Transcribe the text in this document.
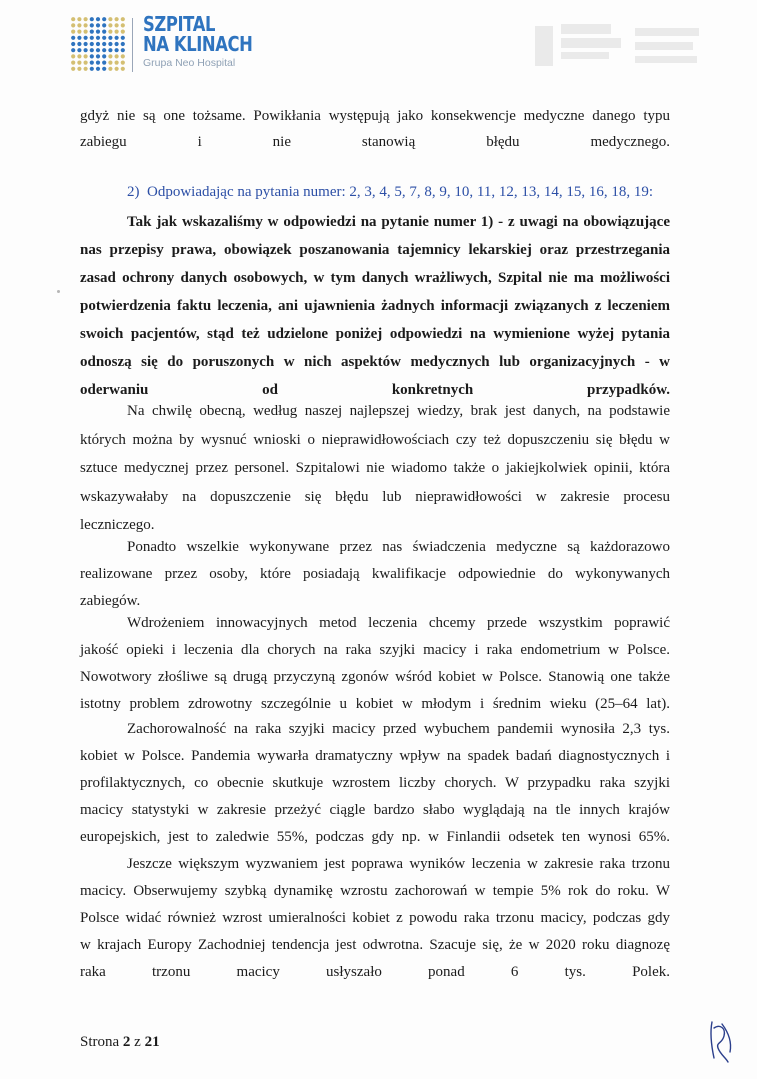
SZPITAL
NA KLINACH
Grupa Neo Hospital

gdyż nie są one tożsame. Powikłania występują jako konsekwencje medyczne danego typu
zabiegu i nie stanowią błędu medycznego.

2)  Odpowiadając na pytania numer: 2, 3, 4, 5, 7, 8, 9, 10, 11, 12, 13, 14, 15, 16, 18, 19:

Tak jak wskazaliśmy w odpowiedzi na pytanie numer 1) - z uwagi na obowiązujące
nas przepisy prawa, obowiązek poszanowania tajemnicy lekarskiej oraz przestrzegania
zasad ochrony danych osobowych, w tym danych wrażliwych, Szpital nie ma możliwości
potwierdzenia faktu leczenia, ani ujawnienia żadnych informacji związanych z leczeniem
swoich pacjentów, stąd też udzielone poniżej odpowiedzi na wymienione wyżej pytania
odnoszą się do poruszonych w nich aspektów medycznych lub organizacyjnych - w
oderwaniu od konkretnych przypadków.

Na chwilę obecną, według naszej najlepszej wiedzy, brak jest danych, na podstawie
których można by wysnuć wnioski o nieprawidłowościach czy też dopuszczeniu się błędu w
sztuce medycznej przez personel. Szpitalowi nie wiadomo także o jakiejkolwiek opinii, która
wskazywałaby na dopuszczenie się błędu lub nieprawidłowości w zakresie procesu
leczniczego.

Ponadto wszelkie wykonywane przez nas świadczenia medyczne są każdorazowo
realizowane przez osoby, które posiadają kwalifikacje odpowiednie do wykonywanych
zabiegów.

Wdrożeniem innowacyjnych metod leczenia chcemy przede wszystkim poprawić
jakość opieki i leczenia dla chorych na raka szyjki macicy i raka endometrium w Polsce.
Nowotwory złośliwe są drugą przyczyną zgonów wśród kobiet w Polsce. Stanowią one także
istotny problem zdrowotny szczególnie u kobiet w młodym i średnim wieku (25–64 lat).

Zachorowalność na raka szyjki macicy przed wybuchem pandemii wynosiła 2,3 tys.
kobiet w Polsce. Pandemia wywarła dramatyczny wpływ na spadek badań diagnostycznych i
profilaktycznych, co obecnie skutkuje wzrostem liczby chorych. W przypadku raka szyjki
macicy statystyki w zakresie przeżyć ciągle bardzo słabo wyglądają na tle innych krajów
europejskich, jest to zaledwie 55%, podczas gdy np. w Finlandii odsetek ten wynosi 65%.

Jeszcze większym wyzwaniem jest poprawa wyników leczenia w zakresie raka trzonu
macicy. Obserwujemy szybką dynamikę wzrostu zachorowań w tempie 5% rok do roku. W
Polsce widać również wzrost umieralności kobiet z powodu raka trzonu macicy, podczas gdy
w krajach Europy Zachodniej tendencja jest odwrotna. Szacuje się, że w 2020 roku diagnozę
raka trzonu macicy usłyszało ponad 6 tys. Polek.

Strona 2 z 21
